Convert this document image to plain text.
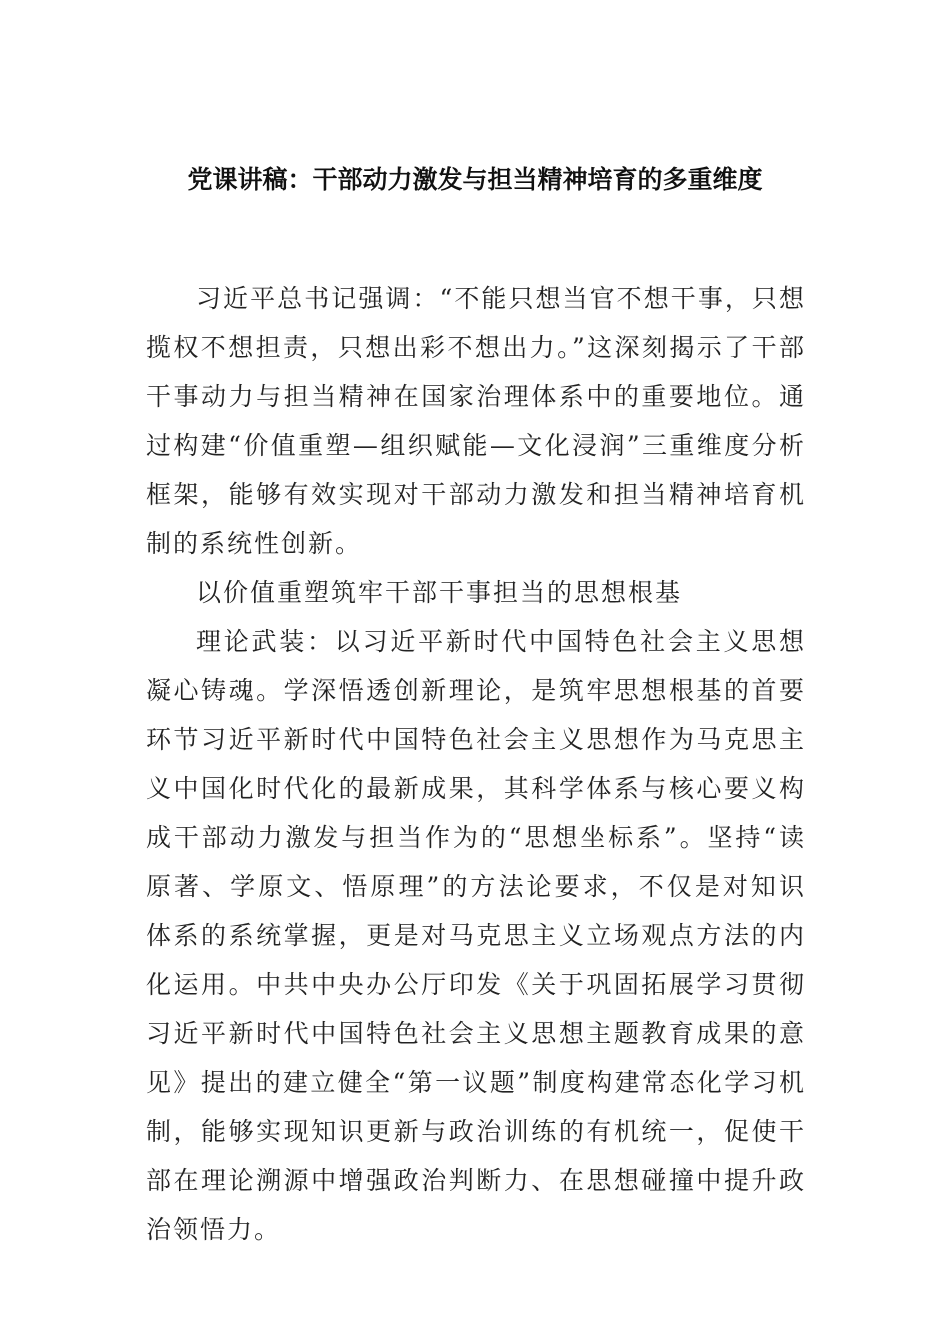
党课讲稿：干部动力激发与担当精神培育的多重维度

习近平总书记强调：“不能只想当官不想干事，只想揽权不想担责，只想出彩不想出力。”这深刻揭示了干部干事动力与担当精神在国家治理体系中的重要地位。通过构建“价值重塑—组织赋能—文化浸润”三重维度分析框架，能够有效实现对干部动力激发和担当精神培育机制的系统性创新。

以价值重塑筑牢干部干事担当的思想根基

理论武装：以习近平新时代中国特色社会主义思想凝心铸魂。学深悟透创新理论，是筑牢思想根基的首要环节习近平新时代中国特色社会主义思想作为马克思主义中国化时代化的最新成果，其科学体系与核心要义构成干部动力激发与担当作为的“思想坐标系”。坚持“读原著、学原文、悟原理”的方法论要求，不仅是对知识体系的系统掌握，更是对马克思主义立场观点方法的内化运用。中共中央办公厅印发《关于巩固拓展学习贯彻习近平新时代中国特色社会主义思想主题教育成果的意见》提出的建立健全“第一议题”制度构建常态化学习机制，能够实现知识更新与政治训练的有机统一，促使干部在理论溯源中增强政治判断力、在思想碰撞中提升政治领悟力。
